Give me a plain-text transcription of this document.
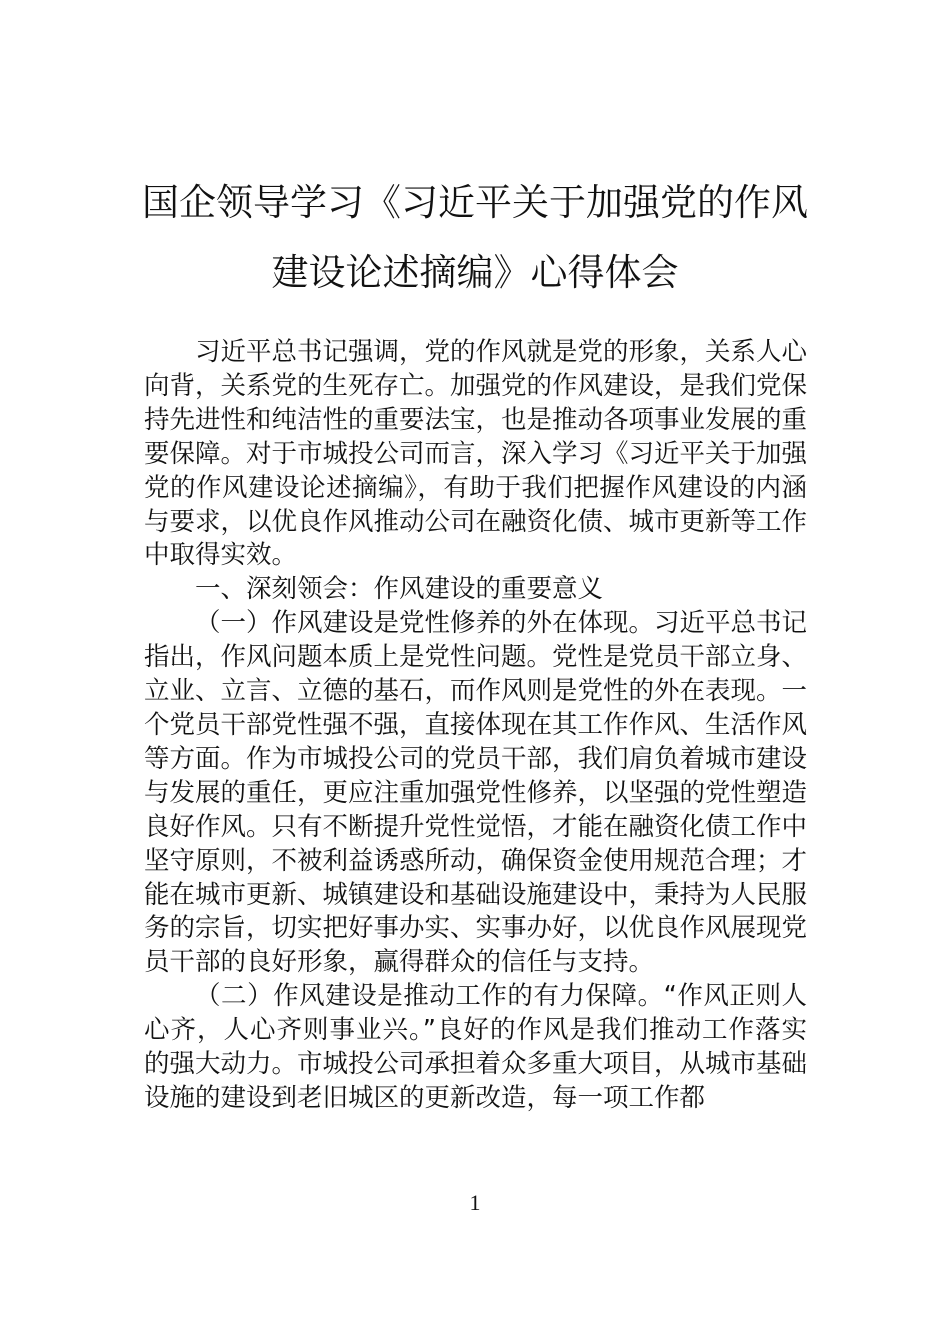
国企领导学习《习近平关于加强党的作风
建设论述摘编》心得体会

习近平总书记强调，党的作风就是党的形象，关系人心向背，关系党的生死存亡。加强党的作风建设，是我们党保持先进性和纯洁性的重要法宝，也是推动各项事业发展的重要保障。对于市城投公司而言，深入学习《习近平关于加强党的作风建设论述摘编》，有助于我们把握作风建设的内涵与要求，以优良作风推动公司在融资化债、城市更新等工作中取得实效。

一、深刻领会：作风建设的重要意义

（一）作风建设是党性修养的外在体现。习近平总书记指出，作风问题本质上是党性问题。党性是党员干部立身、立业、立言、立德的基石，而作风则是党性的外在表现。一个党员干部党性强不强，直接体现在其工作作风、生活作风等方面。作为市城投公司的党员干部，我们肩负着城市建设与发展的重任，更应注重加强党性修养，以坚强的党性塑造良好作风。只有不断提升党性觉悟，才能在融资化债工作中坚守原则，不被利益诱惑所动，确保资金使用规范合理；才能在城市更新、城镇建设和基础设施建设中，秉持为人民服务的宗旨，切实把好事办实、实事办好，以优良作风展现党员干部的良好形象，赢得群众的信任与支持。

（二）作风建设是推动工作的有力保障。“作风正则人心齐，人心齐则事业兴。”良好的作风是我们推动工作落实的强大动力。市城投公司承担着众多重大项目，从城市基础设施的建设到老旧城区的更新改造，每一项工作都

1
